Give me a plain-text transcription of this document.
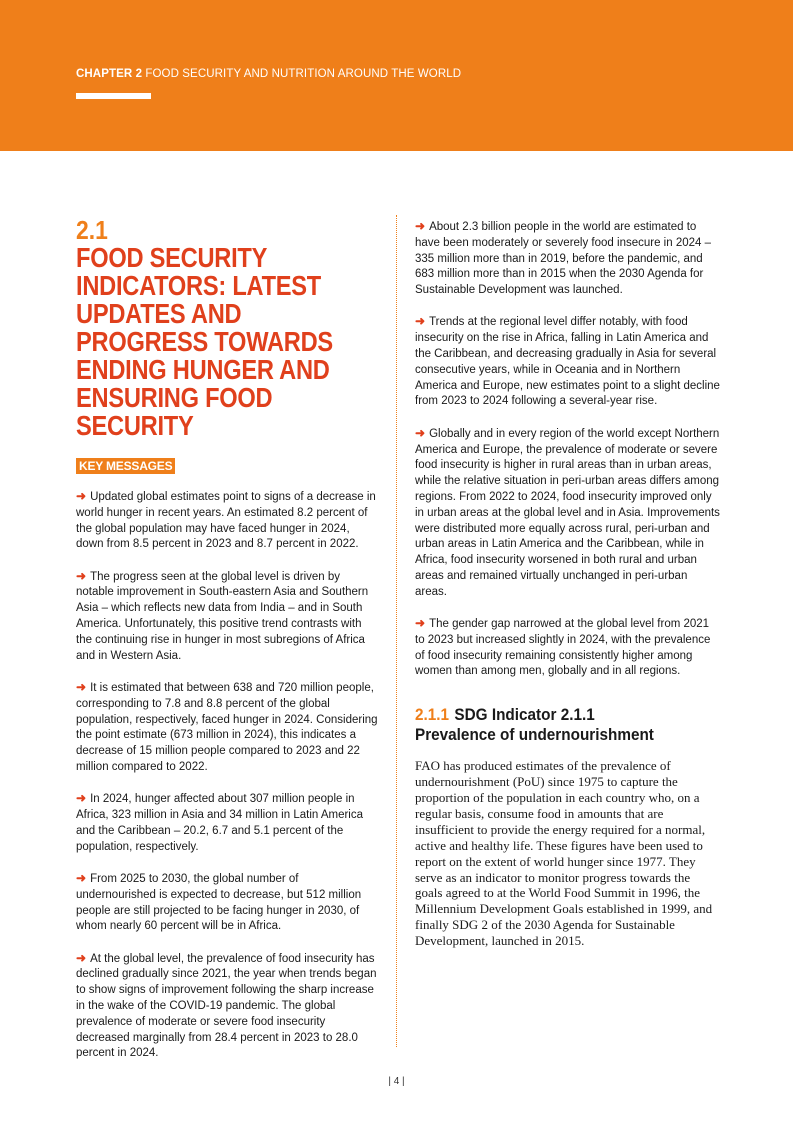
CHAPTER 2 FOOD SECURITY AND NUTRITION AROUND THE WORLD
2.1
FOOD SECURITY INDICATORS: LATEST UPDATES AND PROGRESS TOWARDS ENDING HUNGER AND ENSURING FOOD SECURITY
KEY MESSAGES

➜ Updated global estimates point to signs of a decrease in world hunger in recent years. An estimated 8.2 percent of the global population may have faced hunger in 2024, down from 8.5 percent in 2023 and 8.7 percent in 2022.

➜ The progress seen at the global level is driven by notable improvement in South-eastern Asia and Southern Asia – which reflects new data from India – and in South America. Unfortunately, this positive trend contrasts with the continuing rise in hunger in most subregions of Africa and in Western Asia.

➜ It is estimated that between 638 and 720 million people, corresponding to 7.8 and 8.8 percent of the global population, respectively, faced hunger in 2024. Considering the point estimate (673 million in 2024), this indicates a decrease of 15 million people compared to 2023 and 22 million compared to 2022.

➜ In 2024, hunger affected about 307 million people in Africa, 323 million in Asia and 34 million in Latin America and the Caribbean – 20.2, 6.7 and 5.1 percent of the population, respectively.

➜ From 2025 to 2030, the global number of undernourished is expected to decrease, but 512 million people are still projected to be facing hunger in 2030, of whom nearly 60 percent will be in Africa.

➜ At the global level, the prevalence of food insecurity has declined gradually since 2021, the year when trends began to show signs of improvement following the sharp increase in the wake of the COVID-19 pandemic. The global prevalence of moderate or severe food insecurity decreased marginally from 28.4 percent in 2023 to 28.0 percent in 2024.

➜ About 2.3 billion people in the world are estimated to have been moderately or severely food insecure in 2024 – 335 million more than in 2019, before the pandemic, and 683 million more than in 2015 when the 2030 Agenda for Sustainable Development was launched.

➜ Trends at the regional level differ notably, with food insecurity on the rise in Africa, falling in Latin America and the Caribbean, and decreasing gradually in Asia for several consecutive years, while in Oceania and in Northern America and Europe, new estimates point to a slight decline from 2023 to 2024 following a several-year rise.

➜ Globally and in every region of the world except Northern America and Europe, the prevalence of moderate or severe food insecurity is higher in rural areas than in urban areas, while the relative situation in peri-urban areas differs among regions. From 2022 to 2024, food insecurity improved only in urban areas at the global level and in Asia. Improvements were distributed more equally across rural, peri-urban and urban areas in Latin America and the Caribbean, while in Africa, food insecurity worsened in both rural and urban areas and remained virtually unchanged in peri-urban areas.

➜ The gender gap narrowed at the global level from 2021 to 2023 but increased slightly in 2024, with the prevalence of food insecurity remaining consistently higher among women than among men, globally and in all regions.

2.1.1 SDG Indicator 2.1.1
Prevalence of undernourishment
FAO has produced estimates of the prevalence of undernourishment (PoU) since 1975 to capture the proportion of the population in each country who, on a regular basis, consume food in amounts that are insufficient to provide the energy required for a normal, active and healthy life. These figures have been used to report on the extent of world hunger since 1977. They serve as an indicator to monitor progress towards the goals agreed to at the World Food Summit in 1996, the Millennium Development Goals established in 1999, and finally SDG 2 of the 2030 Agenda for Sustainable Development, launched in 2015.
| 4 |
